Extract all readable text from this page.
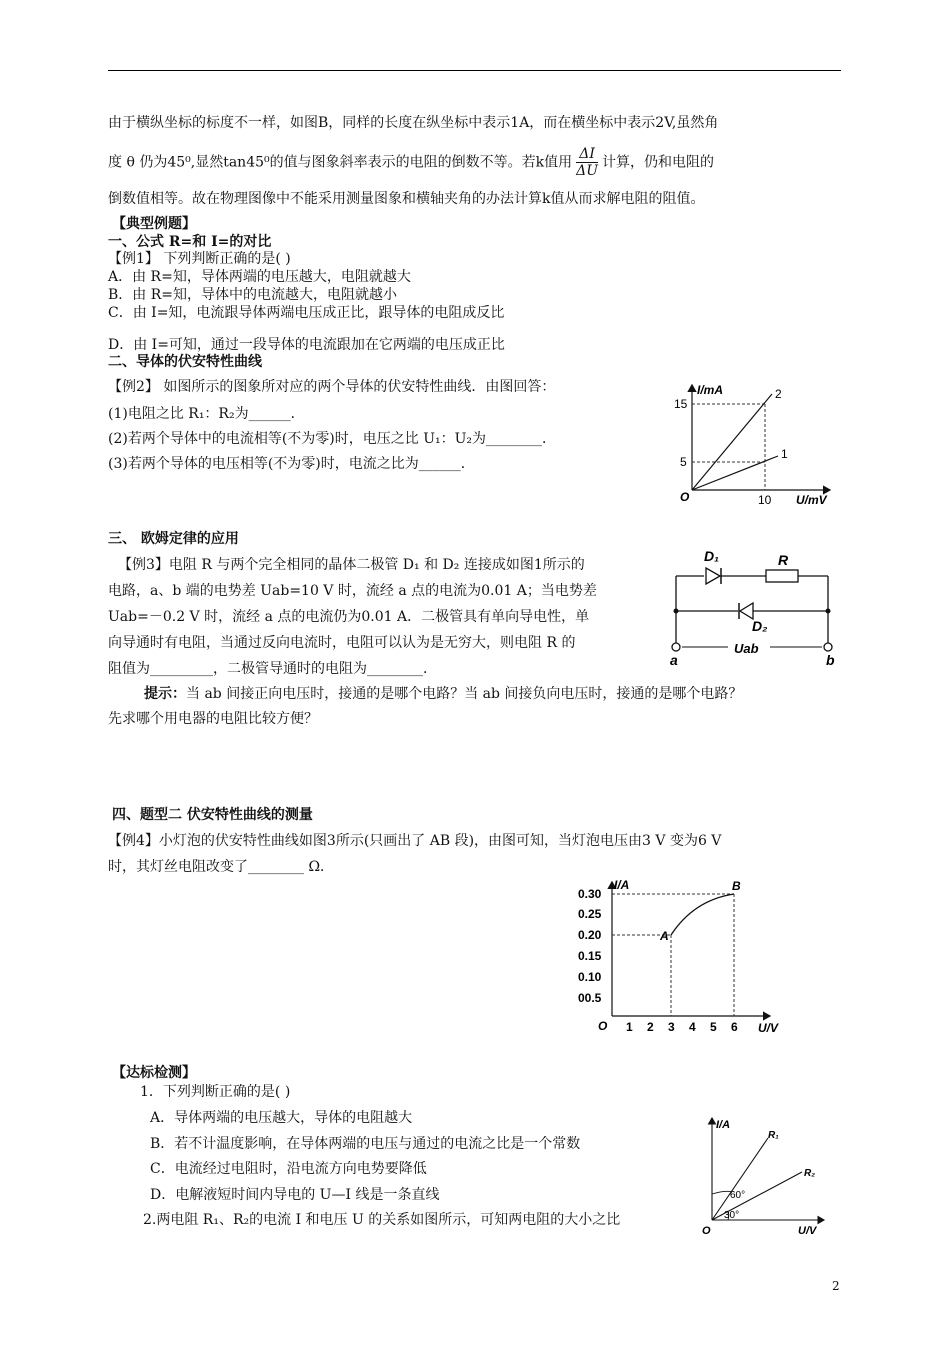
由于横纵坐标的标度不一样，如图B，同样的长度在纵坐标中表示1A，而在横坐标中表示2V,虽然角
度 θ 仍为45⁰,显然tan45⁰的值与图象斜率表示的电阻的倒数不等。若k值用 $\frac{\Delta I}{\Delta U}$ 计算，仍和电阻的
倒数值相等。故在物理图像中不能采用测量图象和横轴夹角的办法计算k值从而求解电阻的阻值。
【典型例题】
一、公式 R=和 I=的对比
【例1】 下列判断正确的是( )
A．由 R=知，导体两端的电压越大，电阻就越大
B．由 R=知，导体中的电流越大，电阻就越小
C．由 I=知，电流跟导体两端电压成正比，跟导体的电阻成反比
D．由 I=可知，通过一段导体的电流跟加在它两端的电压成正比
二、导体的伏安特性曲线
【例2】 如图所示的图象所对应的两个导体的伏安特性曲线．由图回答：
(1)电阻之比 R₁：R₂为______．
(2)若两个导体中的电流相等(不为零)时，电压之比 U₁：U₂为________．
(3)若两个导体的电压相等(不为零)时，电流之比为______．
I/mA
U/mV
O
15
5
10
2
1
三、 欧姆定律的应用
【例3】电阻 R 与两个完全相同的晶体二极管 D₁ 和 D₂ 连接成如图1所示的
电路，a、b 端的电势差 Uab=10 V 时，流经 a 点的电流为0.01 A；当电势差
Uab=－0.2 V 时，流经 a 点的电流仍为0.01 A．二极管具有单向导电性，单
向导通时有电阻，当通过反向电流时，电阻可以认为是无穷大，则电阻 R 的
阻值为_________，二极管导通时的电阻为________．
提示：当 ab 间接正向电压时，接通的是哪个电路？当 ab 间接负向电压时，接通的是哪个电路？
先求哪个用电器的电阻比较方便？
D₁	R
D₂
a	b
Uab
四、题型二 伏安特性曲线的测量
【例4】小灯泡的伏安特性曲线如图3所示(只画出了 AB 段)，由图可知，当灯泡电压由3 V 变为6 V
时，其灯丝电阻改变了________ Ω．
I/A
U/V
O
0.30
0.25
0.20
0.15
0.10
00.5
1 2 3 4 5 6
A
B
【达标检测】
1．下列判断正确的是( )
A．导体两端的电压越大，导体的电阻越大
B．若不计温度影响，在导体两端的电压与通过的电流之比是一个常数
C．电流经过电阻时，沿电流方向电势要降低
D．电解液短时间内导电的 U—I 线是一条直线
2.两电阻 R₁、R₂的电流 I 和电压 U 的关系如图所示，可知两电阻的大小之比
I/A
U/V
O
R₁
R₂
60°
30°
2
